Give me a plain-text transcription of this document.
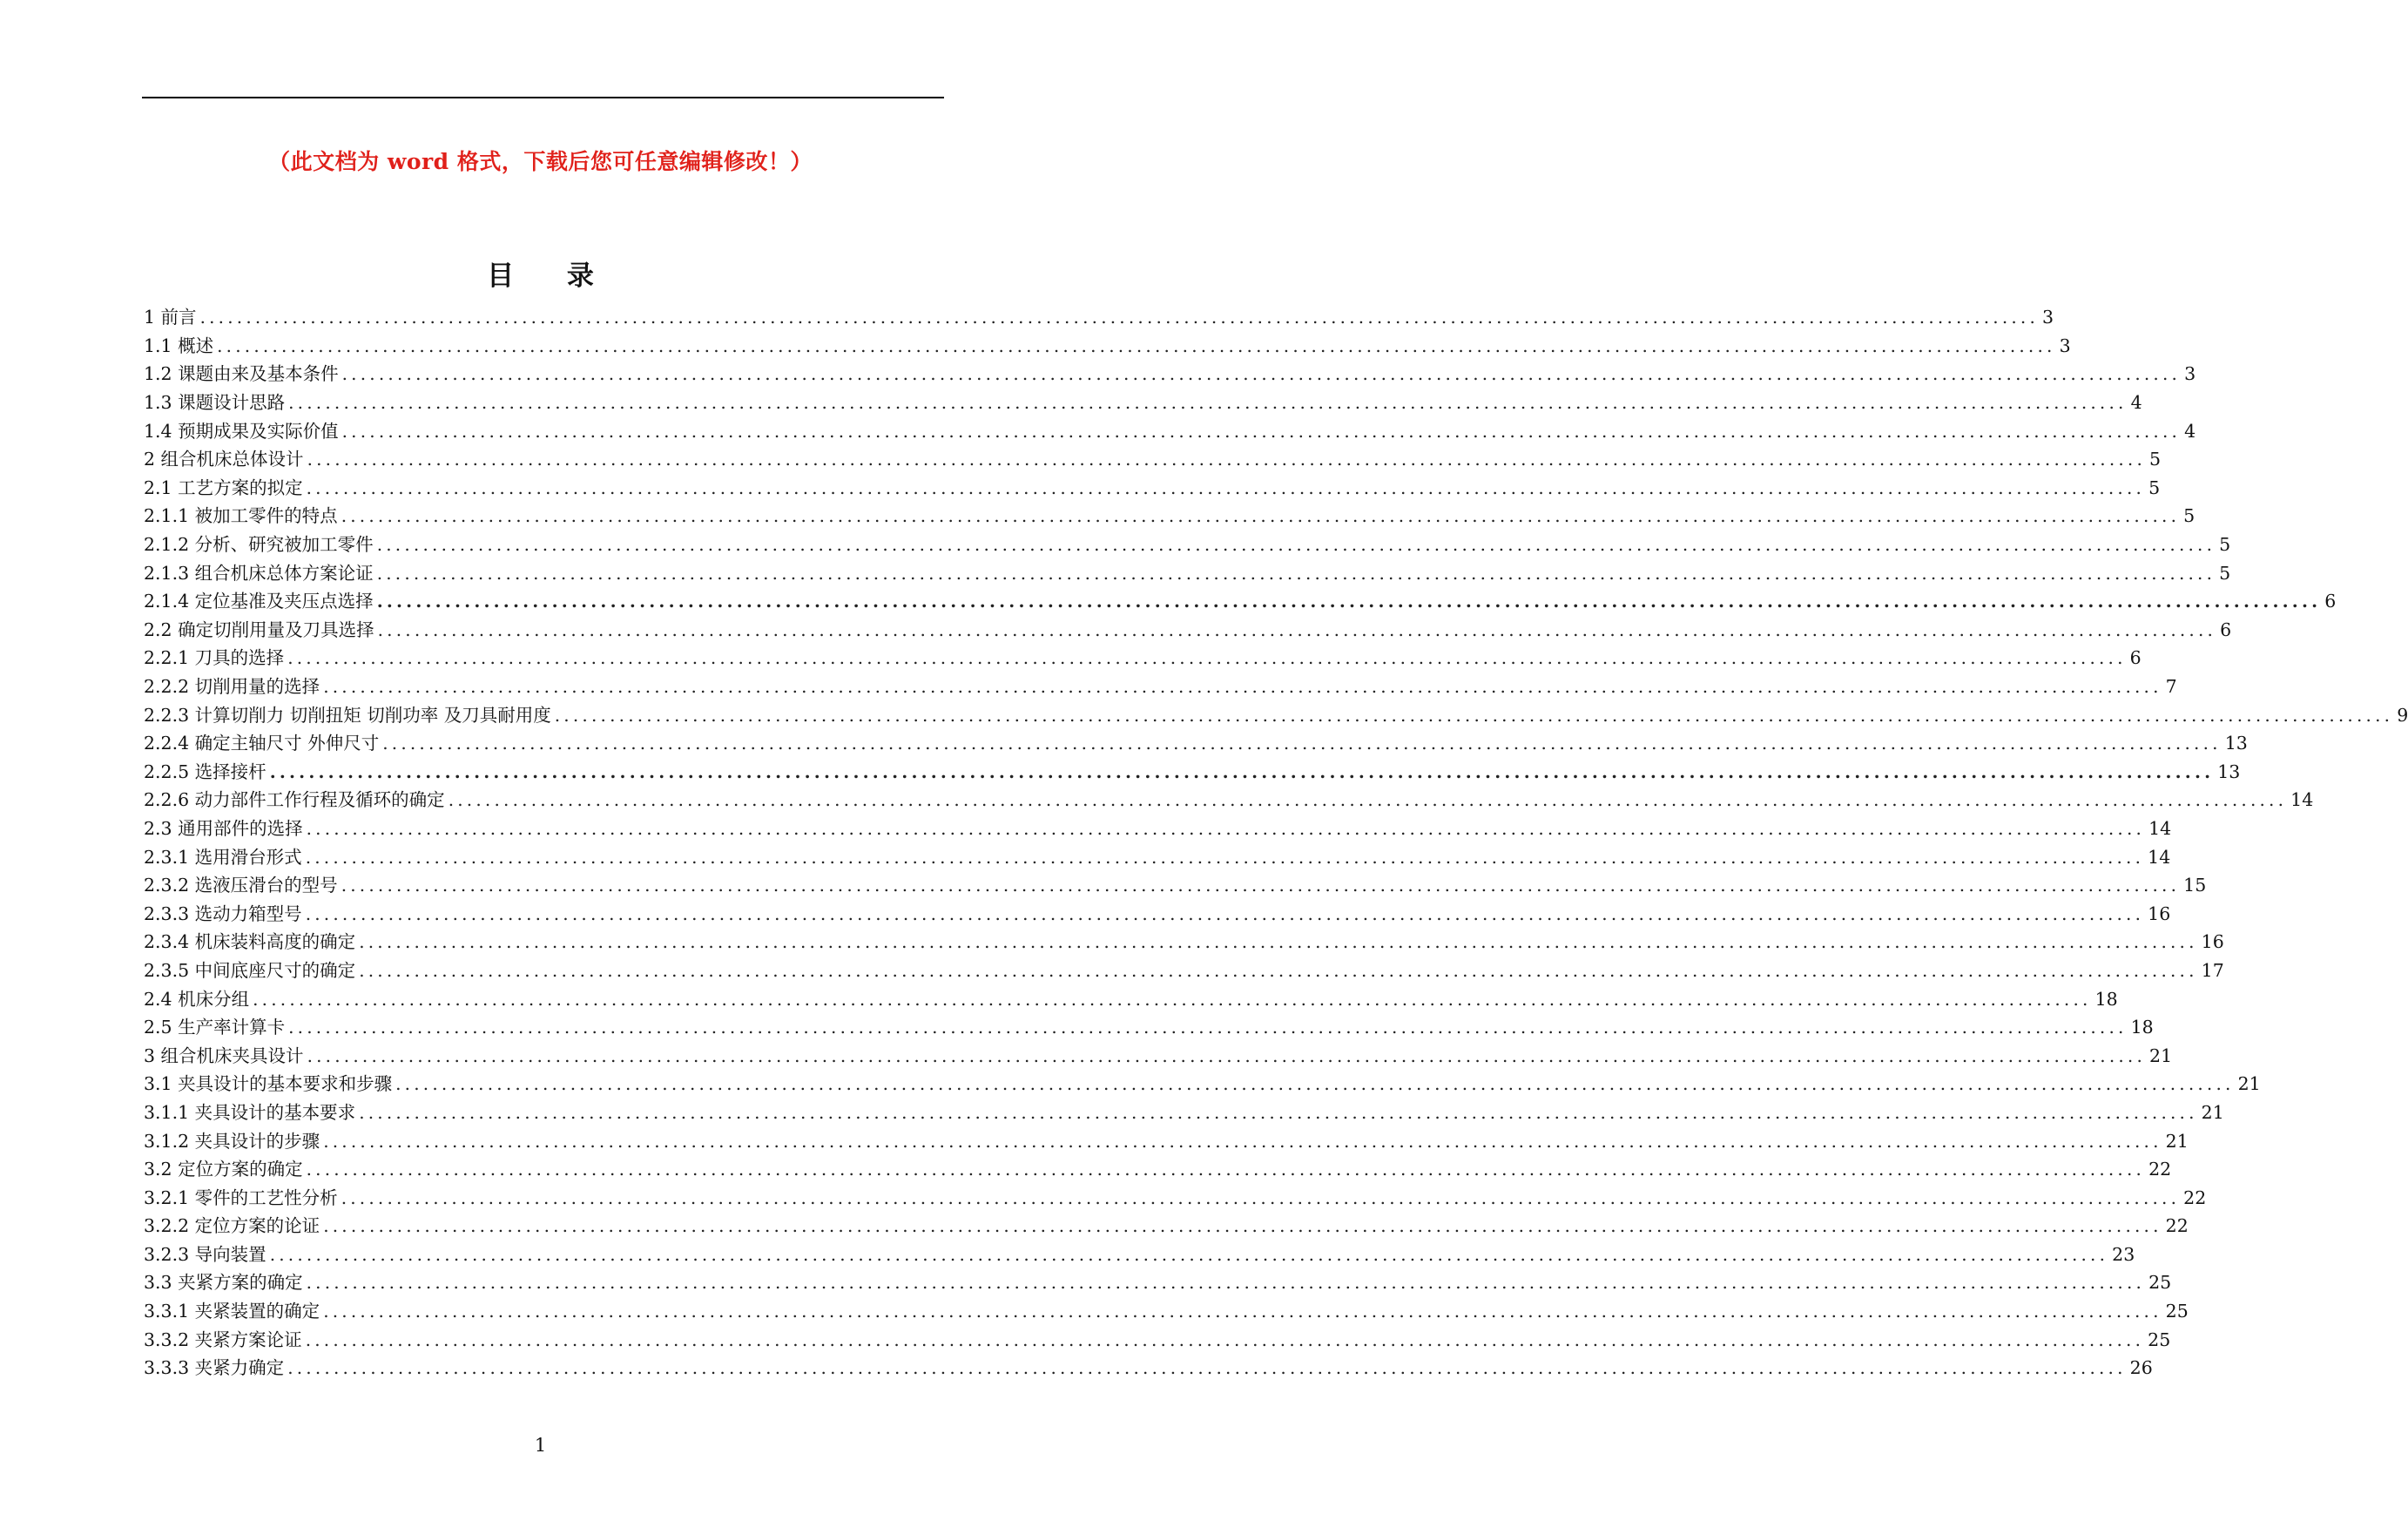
（此文档为 word 格式，下载后您可任意编辑修改！）
目 录
1 前言 ........................................................................................................................................................................................................ 3
1.1 概述 ........................................................................................................................................................................................................ 3
1.2 课题由来及基本条件 ........................................................................................................................................................................................................ 3
1.3 课题设计思路 ........................................................................................................................................................................................................ 4
1.4 预期成果及实际价值 ........................................................................................................................................................................................................ 4
2 组合机床总体设计 ........................................................................................................................................................................................................ 5
2.1 工艺方案的拟定 ........................................................................................................................................................................................................ 5
2.1.1 被加工零件的特点 ........................................................................................................................................................................................................ 5
2.1.2 分析、研究被加工零件 ........................................................................................................................................................................................................ 5
2.1.3 组合机床总体方案论证 ........................................................................................................................................................................................................ 5
2.1.4 定位基准及夹压点选择 ........................................................................................................................................................................................................ 6
2.2 确定切削用量及刀具选择 ........................................................................................................................................................................................................ 6
2.2.1 刀具的选择 ........................................................................................................................................................................................................ 6
2.2.2 切削用量的选择 ........................................................................................................................................................................................................ 7
2.2.3 计算切削力 切削扭矩 切削功率 及刀具耐用度 ........................................................................................................................................................................................................ 9
2.2.4 确定主轴尺寸 外伸尺寸 ........................................................................................................................................................................................................ 13
2.2.5 选择接杆 ........................................................................................................................................................................................................ 13
2.2.6 动力部件工作行程及循环的确定 ........................................................................................................................................................................................................ 14
2.3 通用部件的选择 ........................................................................................................................................................................................................ 14
2.3.1 选用滑台形式 ........................................................................................................................................................................................................ 14
2.3.2 选液压滑台的型号 ........................................................................................................................................................................................................ 15
2.3.3 选动力箱型号 ........................................................................................................................................................................................................ 16
2.3.4 机床装料高度的确定 ........................................................................................................................................................................................................ 16
2.3.5 中间底座尺寸的确定 ........................................................................................................................................................................................................ 17
2.4 机床分组 ........................................................................................................................................................................................................ 18
2.5 生产率计算卡 ........................................................................................................................................................................................................ 18
3 组合机床夹具设计 ........................................................................................................................................................................................................ 21
3.1 夹具设计的基本要求和步骤 ........................................................................................................................................................................................................ 21
3.1.1 夹具设计的基本要求 ........................................................................................................................................................................................................ 21
3.1.2 夹具设计的步骤 ........................................................................................................................................................................................................ 21
3.2 定位方案的确定 ........................................................................................................................................................................................................ 22
3.2.1 零件的工艺性分析 ........................................................................................................................................................................................................ 22
3.2.2 定位方案的论证 ........................................................................................................................................................................................................ 22
3.2.3 导向装置 ........................................................................................................................................................................................................ 23
3.3 夹紧方案的确定 ........................................................................................................................................................................................................ 25
3.3.1 夹紧装置的确定 ........................................................................................................................................................................................................ 25
3.3.2 夹紧方案论证 ........................................................................................................................................................................................................ 25
3.3.3 夹紧力确定 ........................................................................................................................................................................................................ 26
1
